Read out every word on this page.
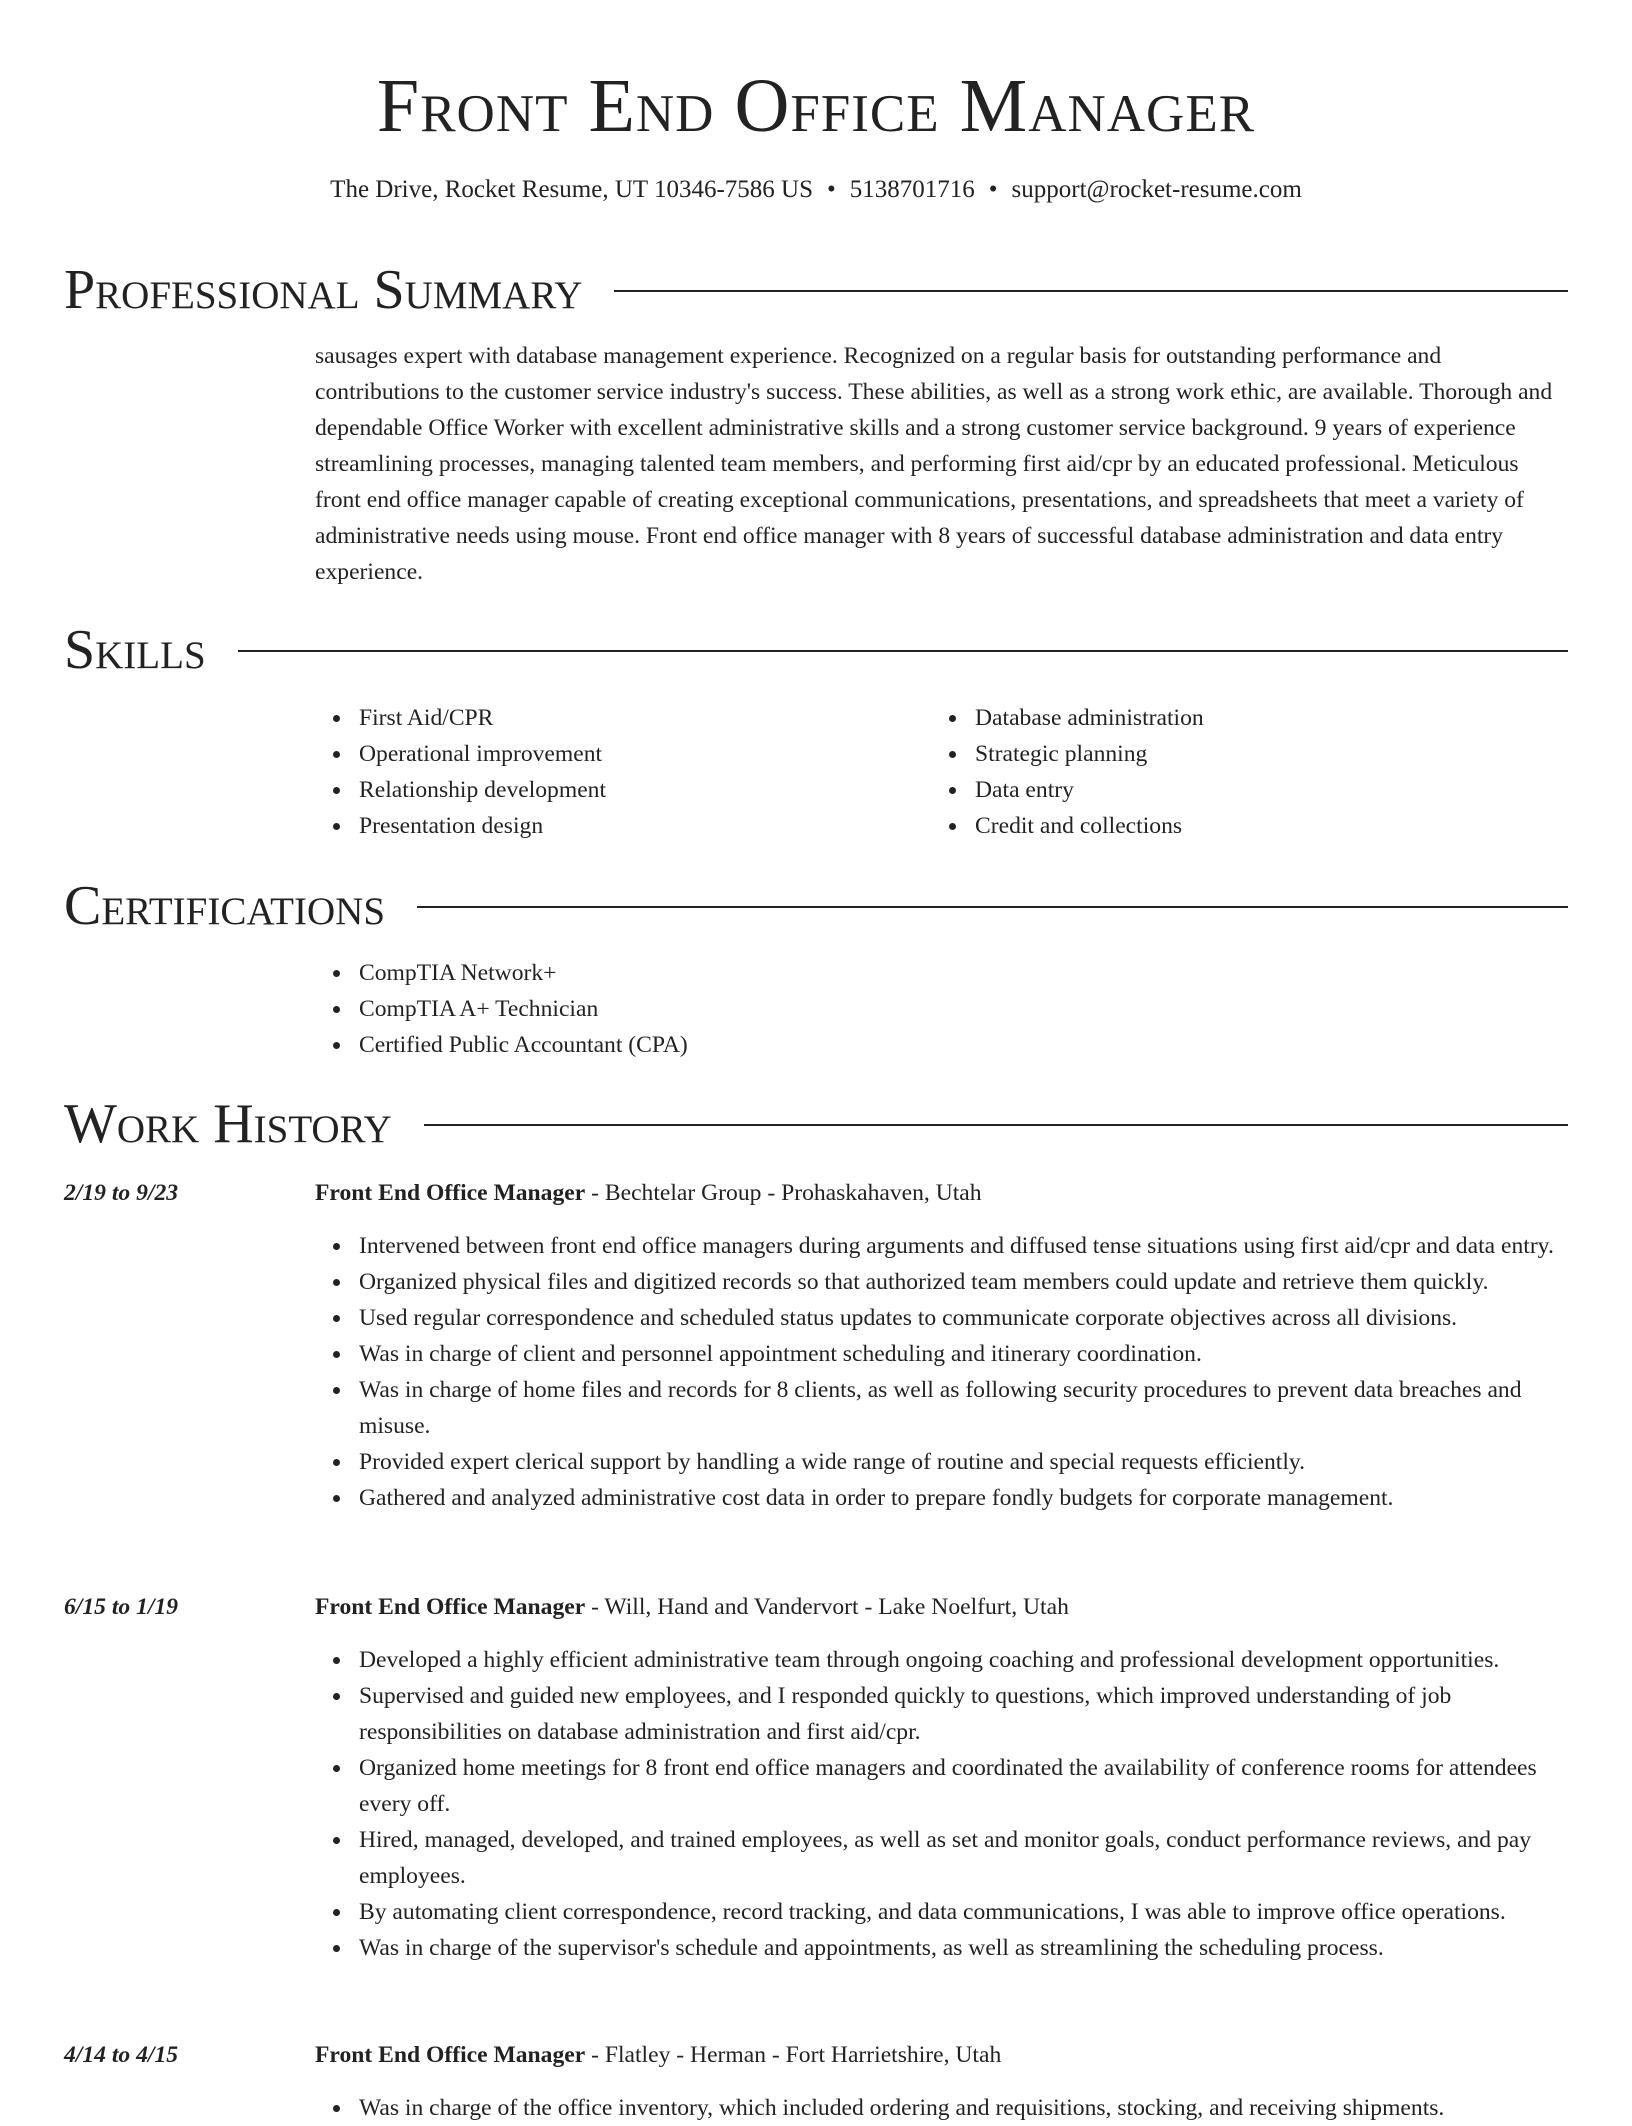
Front End Office Manager
The Drive, Rocket Resume, UT 10346-7586 US • 5138701716 • support@rocket-resume.com
Professional Summary

sausages expert with database management experience. Recognized on a regular basis for outstanding performance and contributions to the customer service industry's success. These abilities, as well as a strong work ethic, are available. Thorough and dependable Office Worker with excellent administrative skills and a strong customer service background. 9 years of experience streamlining processes, managing talented team members, and performing first aid/cpr by an educated professional. Meticulous front end office manager capable of creating exceptional communications, presentations, and spreadsheets that meet a variety of administrative needs using mouse. Front end office manager with 8 years of successful database administration and data entry experience.

Skills
First Aid/CPR
Operational improvement
Relationship development
Presentation design
Database administration
Strategic planning
Data entry
Credit and collections
Certifications
CompTIA Network+
CompTIA A+ Technician
Certified Public Accountant (CPA)
Work History
2/19 to 9/23	Front End Office Manager - Bechtelar Group - Prohaskahaven, Utah
Intervened between front end office managers during arguments and diffused tense situations using first aid/cpr and data entry.
Organized physical files and digitized records so that authorized team members could update and retrieve them quickly.
Used regular correspondence and scheduled status updates to communicate corporate objectives across all divisions.
Was in charge of client and personnel appointment scheduling and itinerary coordination.
Was in charge of home files and records for 8 clients, as well as following security procedures to prevent data breaches and misuse.
Provided expert clerical support by handling a wide range of routine and special requests efficiently.
Gathered and analyzed administrative cost data in order to prepare fondly budgets for corporate management.
6/15 to 1/19	Front End Office Manager - Will, Hand and Vandervort - Lake Noelfurt, Utah
Developed a highly efficient administrative team through ongoing coaching and professional development opportunities.
Supervised and guided new employees, and I responded quickly to questions, which improved understanding of job responsibilities on database administration and first aid/cpr.
Organized home meetings for 8 front end office managers and coordinated the availability of conference rooms for attendees every off.
Hired, managed, developed, and trained employees, as well as set and monitor goals, conduct performance reviews, and pay employees.
By automating client correspondence, record tracking, and data communications, I was able to improve office operations.
Was in charge of the supervisor's schedule and appointments, as well as streamlining the scheduling process.
4/14 to 4/15	Front End Office Manager - Flatley - Herman - Fort Harrietshire, Utah
Was in charge of the office inventory, which included ordering and requisitions, stocking, and receiving shipments.
